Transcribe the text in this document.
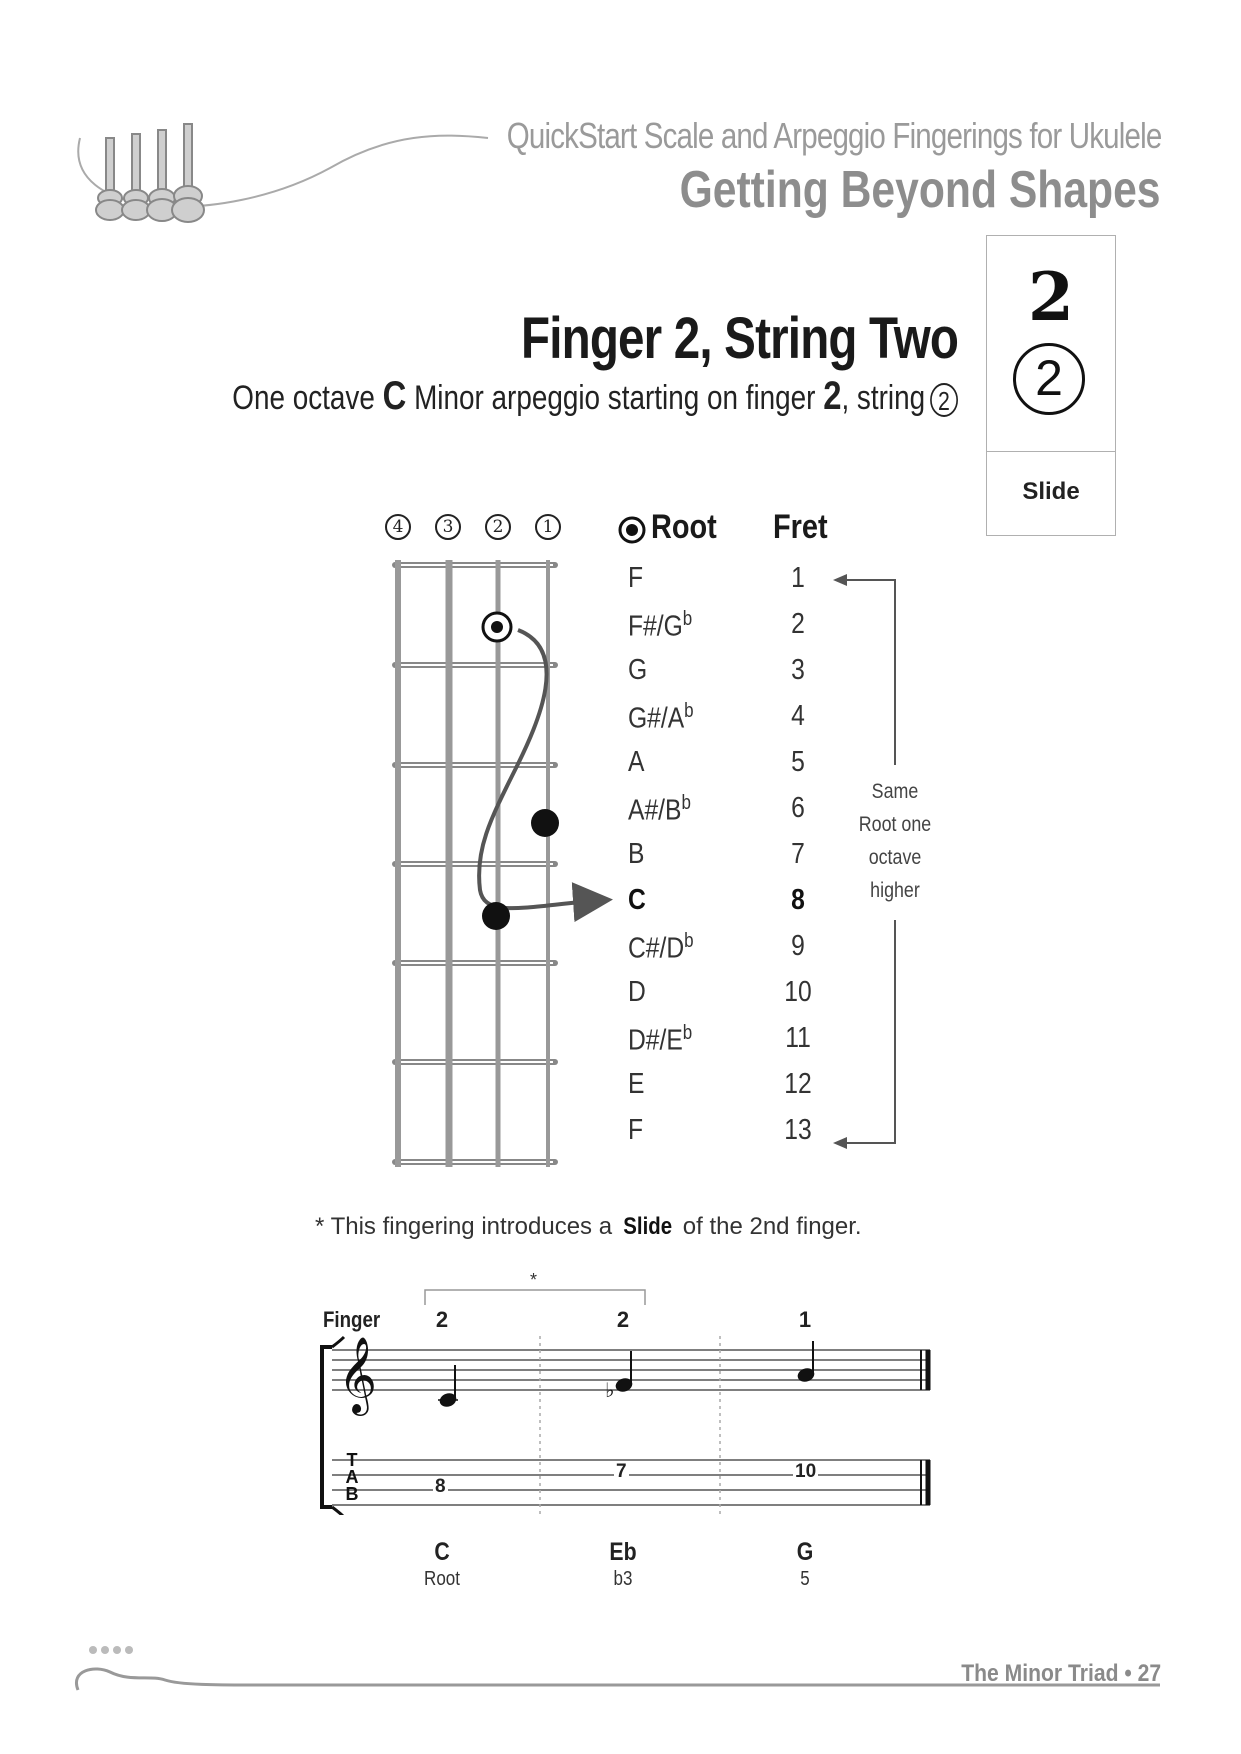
QuickStart Scale and Arpeggio Fingerings for Ukulele
Getting Beyond Shapes
2
2
Slide
Finger 2, String Two
One octave C Minor arpeggio starting on finger 2, string 2
4	3	2	1	Root Fret
F	1
$F\#/G^b$	2
G	3
$G\#/A^b$	4
A	5
$A\#/B^b$	6
B	7
C	8
$C\#/D^b$	9
D	10
$D\#/E^b$	11
E	12
F	13
Same
Root one
octave
higher
* This fingering introduces a Slide of the 2nd finger.
*
Finger	2	2	1
𝄞	♭
T
A
B	8
7	10
C
Root
Eb
b3
G
5
The Minor Triad • 27
